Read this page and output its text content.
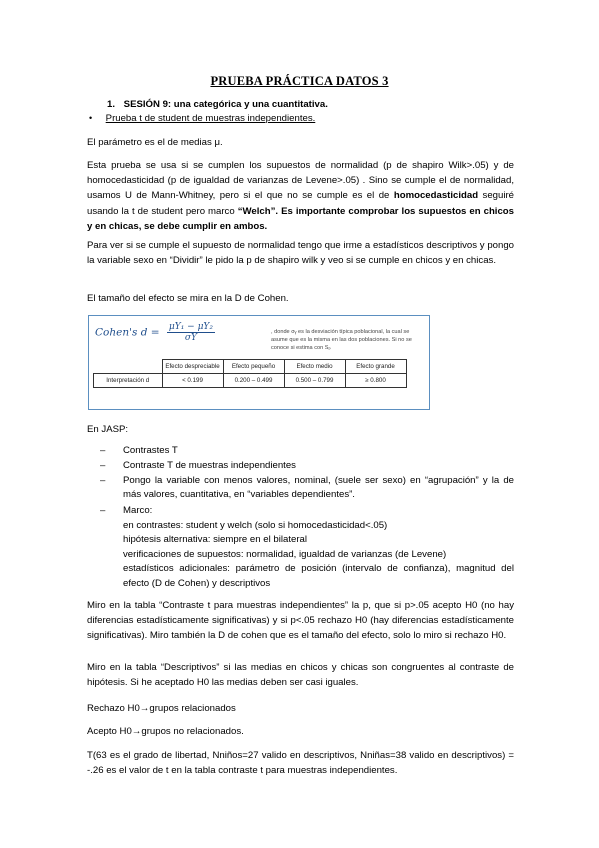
PRUEBA PRÁCTICA DATOS 3
1. SESIÓN 9: una categórica y una cuantitativa.
• Prueba t de student de muestras independientes.
El parámetro es el de medias μ.
Esta prueba se usa si se cumplen los supuestos de normalidad (p de shapiro Wilk>.05) y de homocedasticidad (p de igualdad de varianzas de Levene>.05) . Sino se cumple el de normalidad, usamos U de Mann-Whitney, pero si el que no se cumple es el de homocedasticidad seguiré usando la t de student pero marco “Welch”. Es importante comprobar los supuestos en chicos y en chicas, se debe cumplir en ambos.
Para ver si se cumple el supuesto de normalidad tengo que irme a estadísticos descriptivos y pongo la variable sexo en “Dividir” le pido la p de shapiro wilk y veo si se cumple en chicos y en chicas.
El tamaño del efecto se mira en la D de Cohen.
Cohen's $d = \frac{\text{μY₁ − μY₂}}{\sigma Y}$	, donde σᵧ es la desviación típica poblacional, la cual se asume que es la misma en las dos poblaciones. Si no se conoce si estima con Sₚ
	Efecto despreciable	Efecto pequeño	Efecto medio	Efecto grande
Interpretación d	< 0.199	0.200 – 0.499	0.500 – 0.799	≥ 0.800
En JASP:
– Contrastes T
– Contraste T de muestras independientes
– Pongo la variable con menos valores, nominal, (suele ser sexo) en “agrupación” y la de más valores, cuantitativa, en “variables dependientes”.
– Marco:
en contrastes: student y welch (solo si homocedasticidad<.05)
hipótesis alternativa: siempre en el bilateral
verificaciones de supuestos: normalidad, igualdad de varianzas (de Levene)
estadísticos adicionales: parámetro de posición (intervalo de confianza), magnitud del efecto (D de Cohen) y descriptivos
Miro en la tabla “Contraste t para muestras independientes” la p, que si p>.05 acepto H0 (no hay diferencias estadísticamente significativas) y si p<.05 rechazo H0 (hay diferencias estadísticamente significativas). Miro también la D de cohen que es el tamaño del efecto, solo lo miro si rechazo H0.
Miro en la tabla “Descriptivos” si las medias en chicos y chicas son congruentes al contraste de hipótesis. Si he aceptado H0 las medias deben ser casi iguales.
Rechazo H0→grupos relacionados
Acepto H0→grupos no relacionados.
T(63 es el grado de libertad, Nniños=27 valido en descriptivos, Nniñas=38 valido en descriptivos) = -.26 es el valor de t en la tabla contraste t para muestras independientes.
